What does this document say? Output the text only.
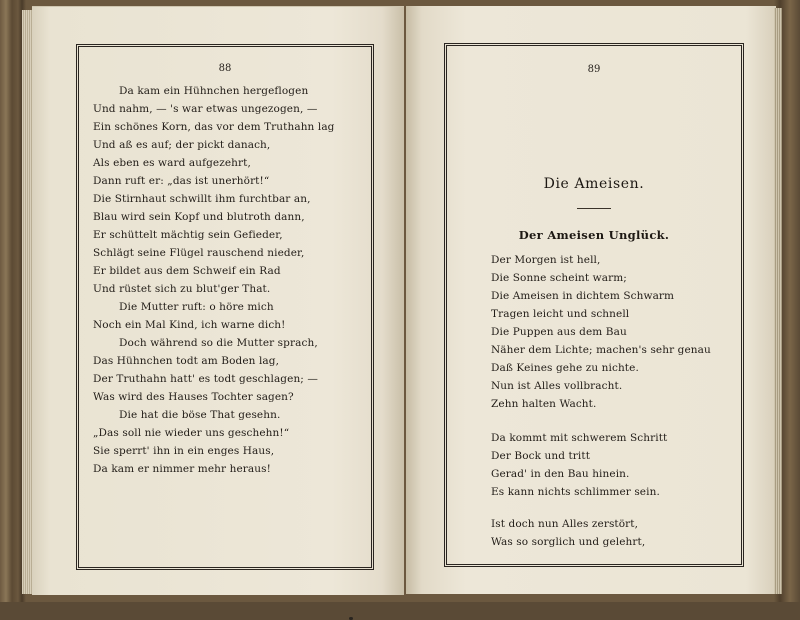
88
Da kam ein Hühnchen hergeflogen
Und nahm, — 's war etwas ungezogen, —
Ein schönes Korn, das vor dem Truthahn lag
Und aß es auf; der pickt danach,
Als eben es ward aufgezehrt,
Dann ruft er: „das ist unerhört!“
Die Stirnhaut schwillt ihm furchtbar an,
Blau wird sein Kopf und blutroth dann,
Er schüttelt mächtig sein Gefieder,
Schlägt seine Flügel rauschend nieder,
Er bildet aus dem Schweif ein Rad
Und rüstet sich zu blut'ger That.
Die Mutter ruft: o höre mich
Noch ein Mal Kind, ich warne dich!
Doch während so die Mutter sprach,
Das Hühnchen todt am Boden lag,
Der Truthahn hatt' es todt geschlagen; —
Was wird des Hauses Tochter sagen?
Die hat die böse That gesehn.
„Das soll nie wieder uns geschehn!“
Sie sperrt' ihn in ein enges Haus,
Da kam er nimmer mehr heraus!
89
Die Ameisen.
Der Ameisen Unglück.
Der Morgen ist hell,
Die Sonne scheint warm;
Die Ameisen in dichtem Schwarm
Tragen leicht und schnell
Die Puppen aus dem Bau
Näher dem Lichte; machen's sehr genau
Daß Keines gehe zu nichte.
Nun ist Alles vollbracht.
Zehn halten Wacht.
Da kommt mit schwerem Schritt
Der Bock und tritt
Gerad' in den Bau hinein.
Es kann nichts schlimmer sein.
Ist doch nun Alles zerstört,
Was so sorglich und gelehrt,
